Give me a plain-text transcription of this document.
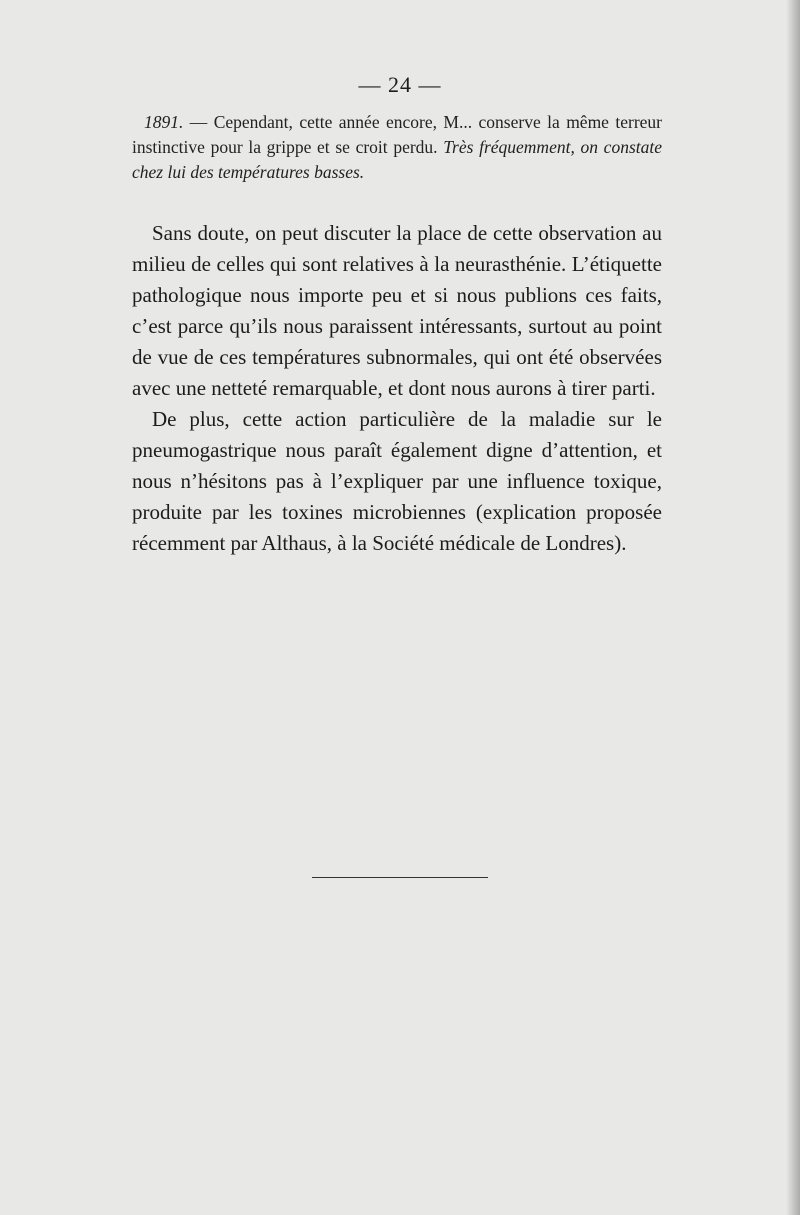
— 24 —

1891. — Cependant, cette année encore, M... conserve la même terreur instinctive pour la grippe et se croit perdu. Très fréquemment, on constate chez lui des températures basses.

Sans doute, on peut discuter la place de cette observation au milieu de celles qui sont relatives à la neurasthénie. L’étiquette pathologique nous importe peu et si nous publions ces faits, c’est parce qu’ils nous paraissent intéressants, surtout au point de vue de ces températures subnormales, qui ont été observées avec une netteté remarquable, et dont nous aurons à tirer parti.

De plus, cette action particulière de la maladie sur le pneumogastrique nous paraît également digne d’attention, et nous n’hésitons pas à l’expliquer par une influence toxique, produite par les toxines microbiennes (explication proposée récemment par Althaus, à la Société médicale de Londres).
